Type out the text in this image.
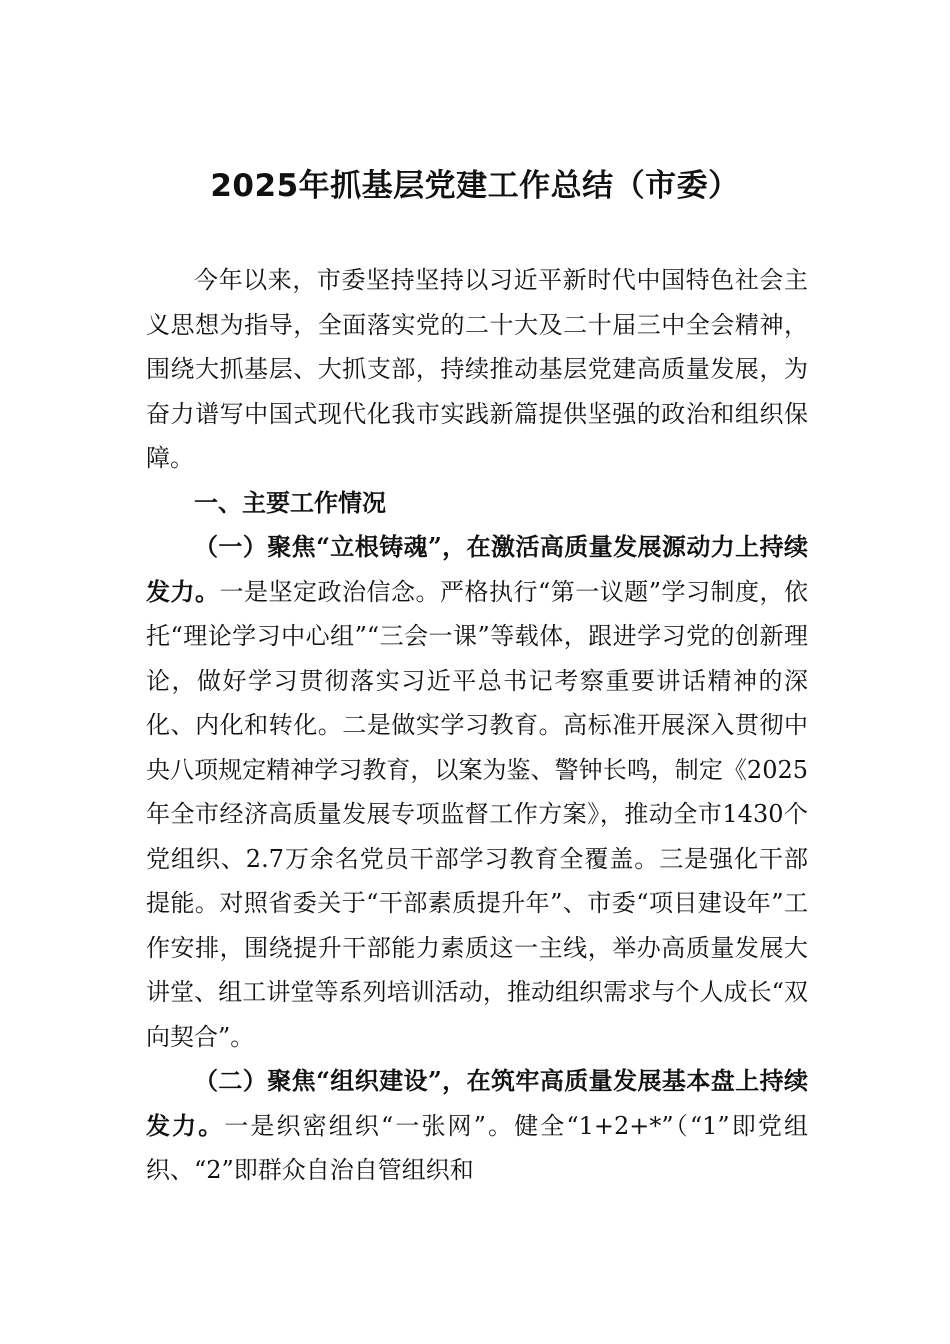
2025年抓基层党建工作总结（市委）

今年以来，市委坚持坚持以习近平新时代中国特色社会主义思想为指导，全面落实党的二十大及二十届三中全会精神，围绕大抓基层、大抓支部，持续推动基层党建高质量发展，为奋力谱写中国式现代化我市实践新篇提供坚强的政治和组织保障。

一、主要工作情况

（一）聚焦“立根铸魂”，在激活高质量发展源动力上持续发力。一是坚定政治信念。严格执行“第一议题”学习制度，依托“理论学习中心组”“三会一课”等载体，跟进学习党的创新理论，做好学习贯彻落实习近平总书记考察重要讲话精神的深化、内化和转化。二是做实学习教育。高标准开展深入贯彻中央八项规定精神学习教育，以案为鉴、警钟长鸣，制定《2025年全市经济高质量发展专项监督工作方案》，推动全市1430个党组织、2.7万余名党员干部学习教育全覆盖。三是强化干部提能。对照省委关于“干部素质提升年”、市委“项目建设年”工作安排，围绕提升干部能力素质这一主线，举办高质量发展大讲堂、组工讲堂等系列培训活动，推动组织需求与个人成长“双向契合”。

（二）聚焦“组织建设”，在筑牢高质量发展基本盘上持续发力。一是织密组织“一张网”。健全“1+2+*”（“1”即党组织、“2”即群众自治自管组织和
